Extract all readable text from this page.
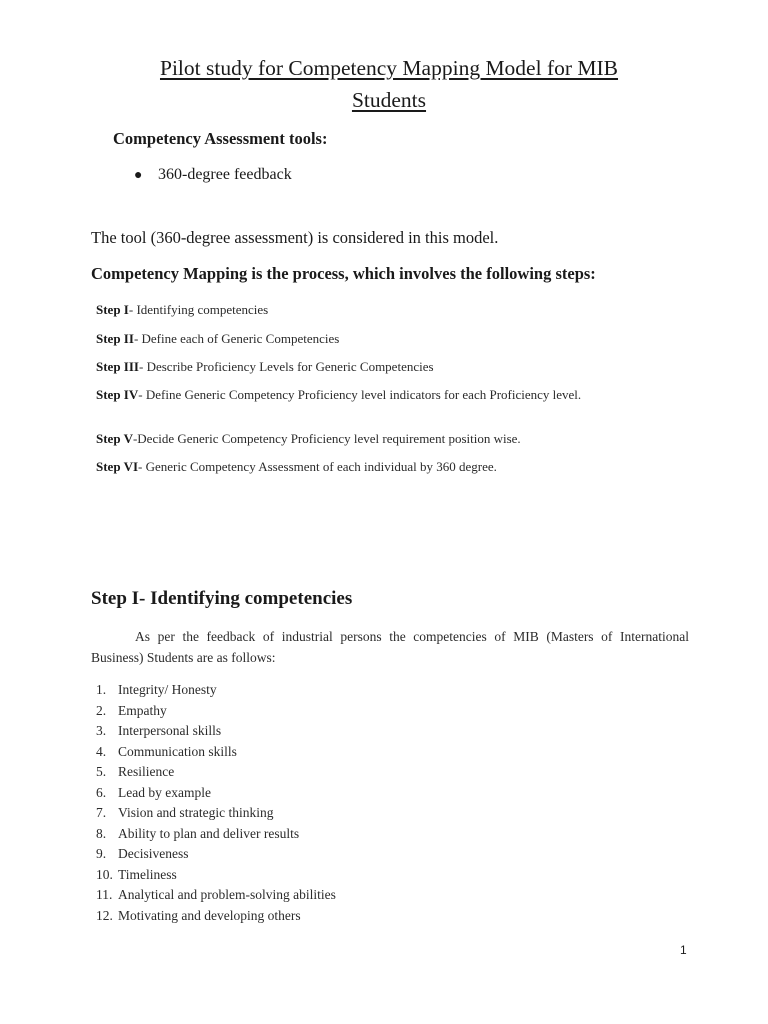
Pilot study for Competency Mapping Model for MIB
Students
Competency Assessment tools:
● 360-degree feedback
The tool (360-degree assessment) is considered in this model.
Competency Mapping is the process, which involves the following steps:
Step I- Identifying competencies
Step II- Define each of Generic Competencies
Step III- Describe Proficiency Levels for Generic Competencies
Step IV- Define Generic Competency Proficiency level indicators for each Proficiency level.
Step V-Decide Generic Competency Proficiency level requirement position wise.
Step VI- Generic Competency Assessment of each individual by 360 degree.
Step I- Identifying competencies
As per the feedback of industrial persons the competencies of MIB (Masters of International Business) Students are as follows:
1. Integrity/ Honesty
2. Empathy
3. Interpersonal skills
4. Communication skills
5. Resilience
6. Lead by example
7. Vision and strategic thinking
8. Ability to plan and deliver results
9. Decisiveness
10. Timeliness
11. Analytical and problem-solving abilities
12. Motivating and developing others
1
